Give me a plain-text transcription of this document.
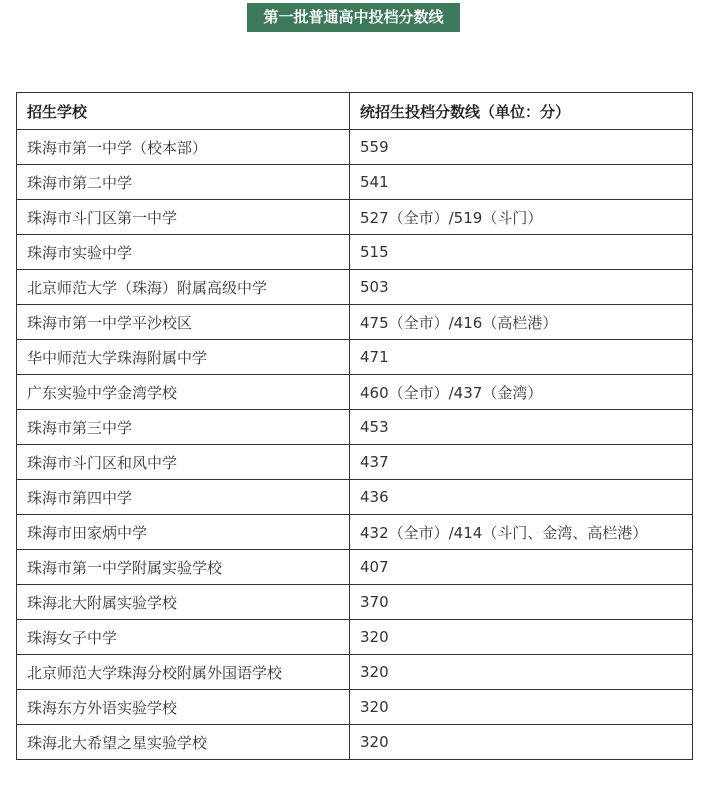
第一批普通高中投档分数线
招生学校	统招生投档分数线（单位：分）
珠海市第一中学（校本部）	559
珠海市第二中学	541
珠海市斗门区第一中学	527（全市）/519（斗门）
珠海市实验中学	515
北京师范大学（珠海）附属高级中学	503
珠海市第一中学平沙校区	475（全市）/416（高栏港）
华中师范大学珠海附属中学	471
广东实验中学金湾学校	460（全市）/437（金湾）
珠海市第三中学	453
珠海市斗门区和风中学	437
珠海市第四中学	436
珠海市田家炳中学	432（全市）/414（斗门、金湾、高栏港）
珠海市第一中学附属实验学校	407
珠海北大附属实验学校	370
珠海女子中学	320
北京师范大学珠海分校附属外国语学校	320
珠海东方外语实验学校	320
珠海北大希望之星实验学校	320
